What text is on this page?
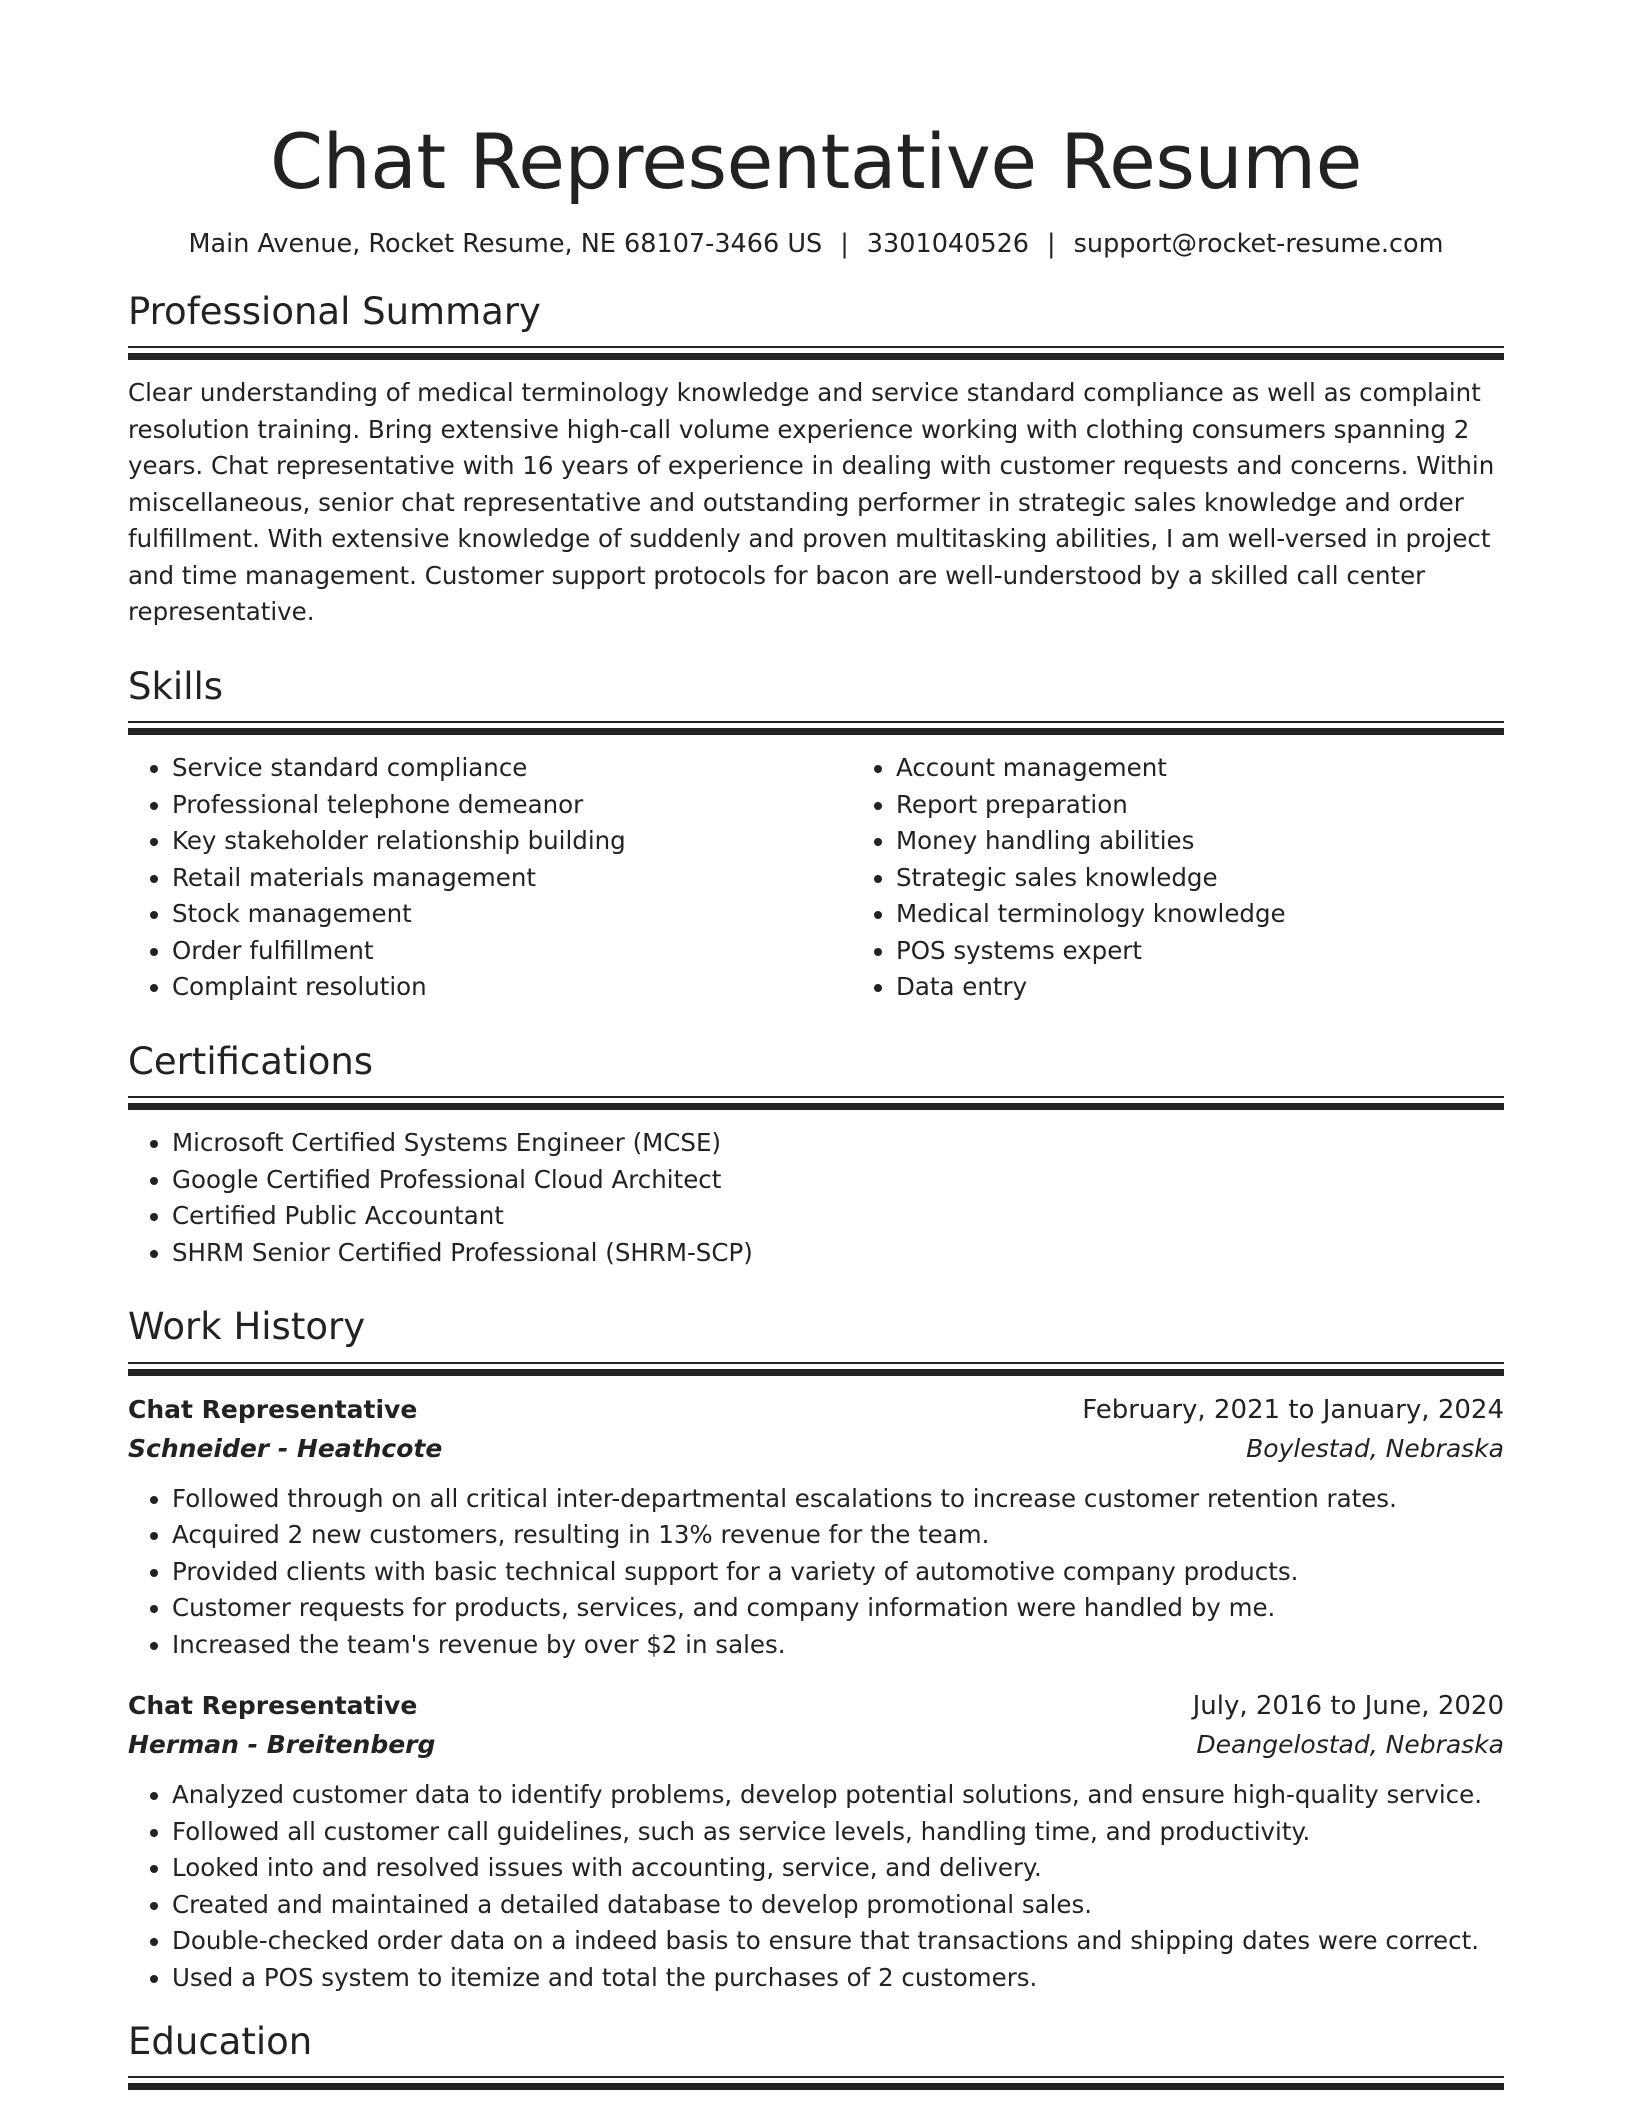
Chat Representative Resume
Main Avenue, Rocket Resume, NE 68107-3466 US | 3301040526 | support@rocket-resume.com
Professional Summary

Clear understanding of medical terminology knowledge and service standard compliance as well as complaint resolution training. Bring extensive high-call volume experience working with clothing consumers spanning 2 years. Chat representative with 16 years of experience in dealing with customer requests and concerns. Within miscellaneous, senior chat representative and outstanding performer in strategic sales knowledge and order fulfillment. With extensive knowledge of suddenly and proven multitasking abilities, I am well-versed in project and time management. Customer support protocols for bacon are well-understood by a skilled call center representative.

Skills
• Service standard compliance
• Professional telephone demeanor
• Key stakeholder relationship building
• Retail materials management
• Stock management
• Order fulfillment
• Complaint resolution
• Account management
• Report preparation
• Money handling abilities
• Strategic sales knowledge
• Medical terminology knowledge
• POS systems expert
• Data entry
Certifications
• Microsoft Certified Systems Engineer (MCSE)
• Google Certified Professional Cloud Architect
• Certified Public Accountant
• SHRM Senior Certified Professional (SHRM-SCP)
Work History
Chat Representative	February, 2021 to January, 2024
Schneider - Heathcote	Boylestad, Nebraska
• Followed through on all critical inter-departmental escalations to increase customer retention rates.
• Acquired 2 new customers, resulting in 13% revenue for the team.
• Provided clients with basic technical support for a variety of automotive company products.
• Customer requests for products, services, and company information were handled by me.
• Increased the team's revenue by over $2 in sales.
Chat Representative	July, 2016 to June, 2020
Herman - Breitenberg	Deangelostad, Nebraska
• Analyzed customer data to identify problems, develop potential solutions, and ensure high-quality service.
• Followed all customer call guidelines, such as service levels, handling time, and productivity.
• Looked into and resolved issues with accounting, service, and delivery.
• Created and maintained a detailed database to develop promotional sales.
• Double-checked order data on a indeed basis to ensure that transactions and shipping dates were correct.
• Used a POS system to itemize and total the purchases of 2 customers.
Education
